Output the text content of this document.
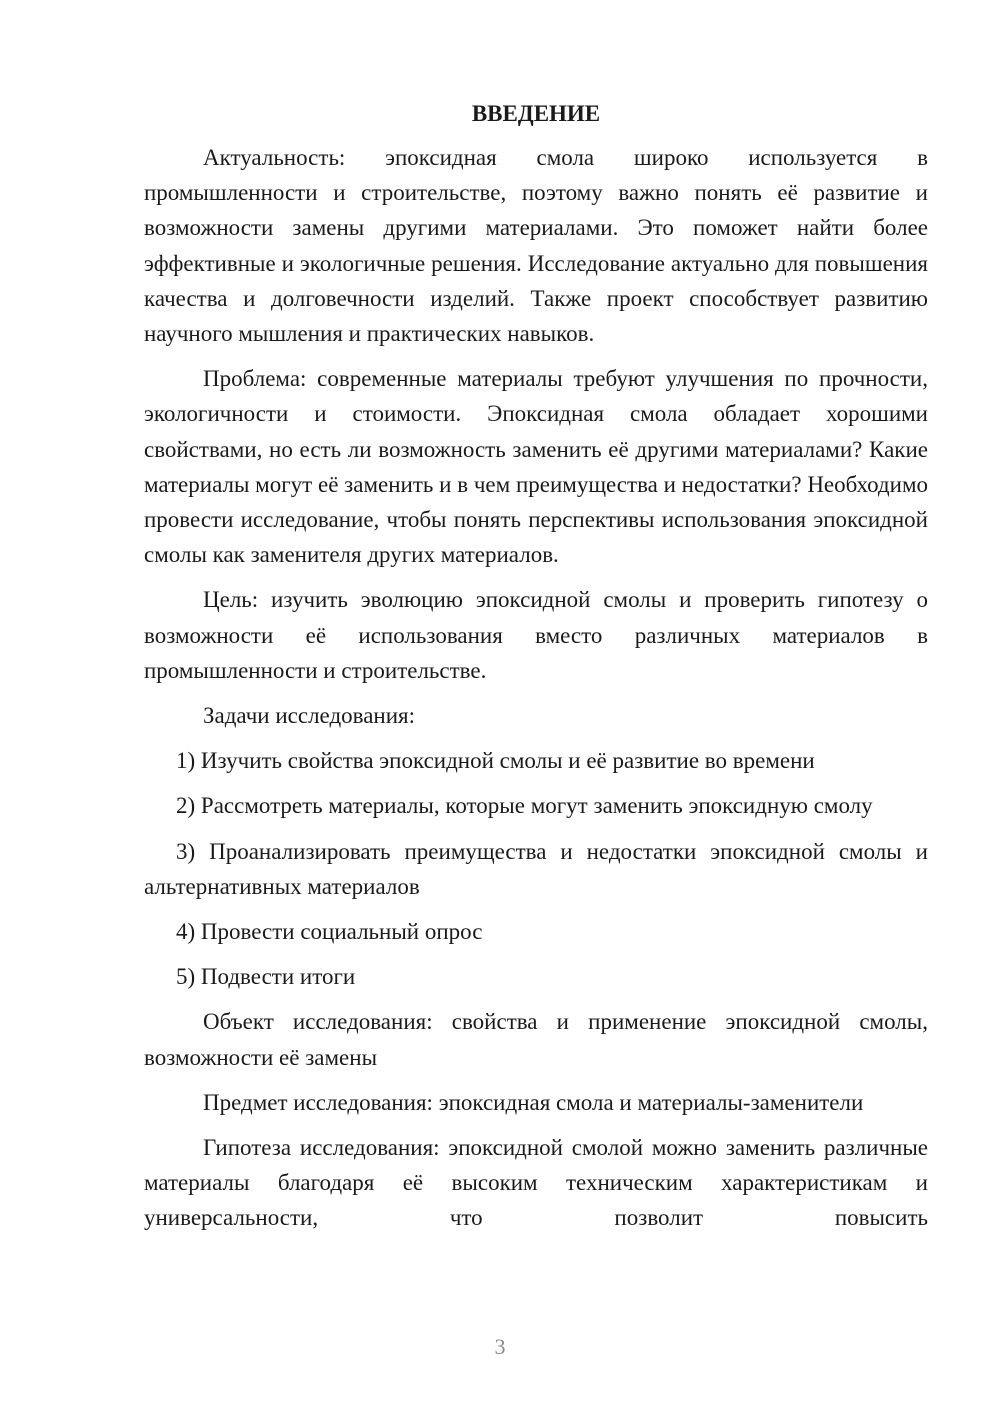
ВВЕДЕНИЕ

Актуальность: эпоксидная смола широко используется в промышленности и строительстве, поэтому важно понять её развитие и возможности замены другими материалами. Это поможет найти более эффективные и экологичные решения. Исследование актуально для повышения качества и долговечности изделий. Также проект способствует развитию научного мышления и практических навыков.

Проблема: современные материалы требуют улучшения по прочности, экологичности и стоимости. Эпоксидная смола обладает хорошими свойствами, но есть ли возможность заменить её другими материалами? Какие материалы могут её заменить и в чем преимущества и недостатки? Необходимо провести исследование, чтобы понять перспективы использования эпоксидной смолы как заменителя других материалов.

Цель: изучить эволюцию эпоксидной смолы и проверить гипотезу о возможности её использования вместо различных материалов в промышленности и строительстве.

Задачи исследования:

1) Изучить свойства эпоксидной смолы и её развитие во времени

2) Рассмотреть материалы, которые могут заменить эпоксидную смолу

3) Проанализировать преимущества и недостатки эпоксидной смолы и альтернативных материалов

4) Провести социальный опрос

5) Подвести итоги

Объект исследования: свойства и применение эпоксидной смолы, возможности её замены

Предмет исследования: эпоксидная смола и материалы-заменители

Гипотеза исследования: эпоксидной смолой можно заменить различные материалы благодаря её высоким техническим характеристикам и универсальности, что позволит повысить

3
